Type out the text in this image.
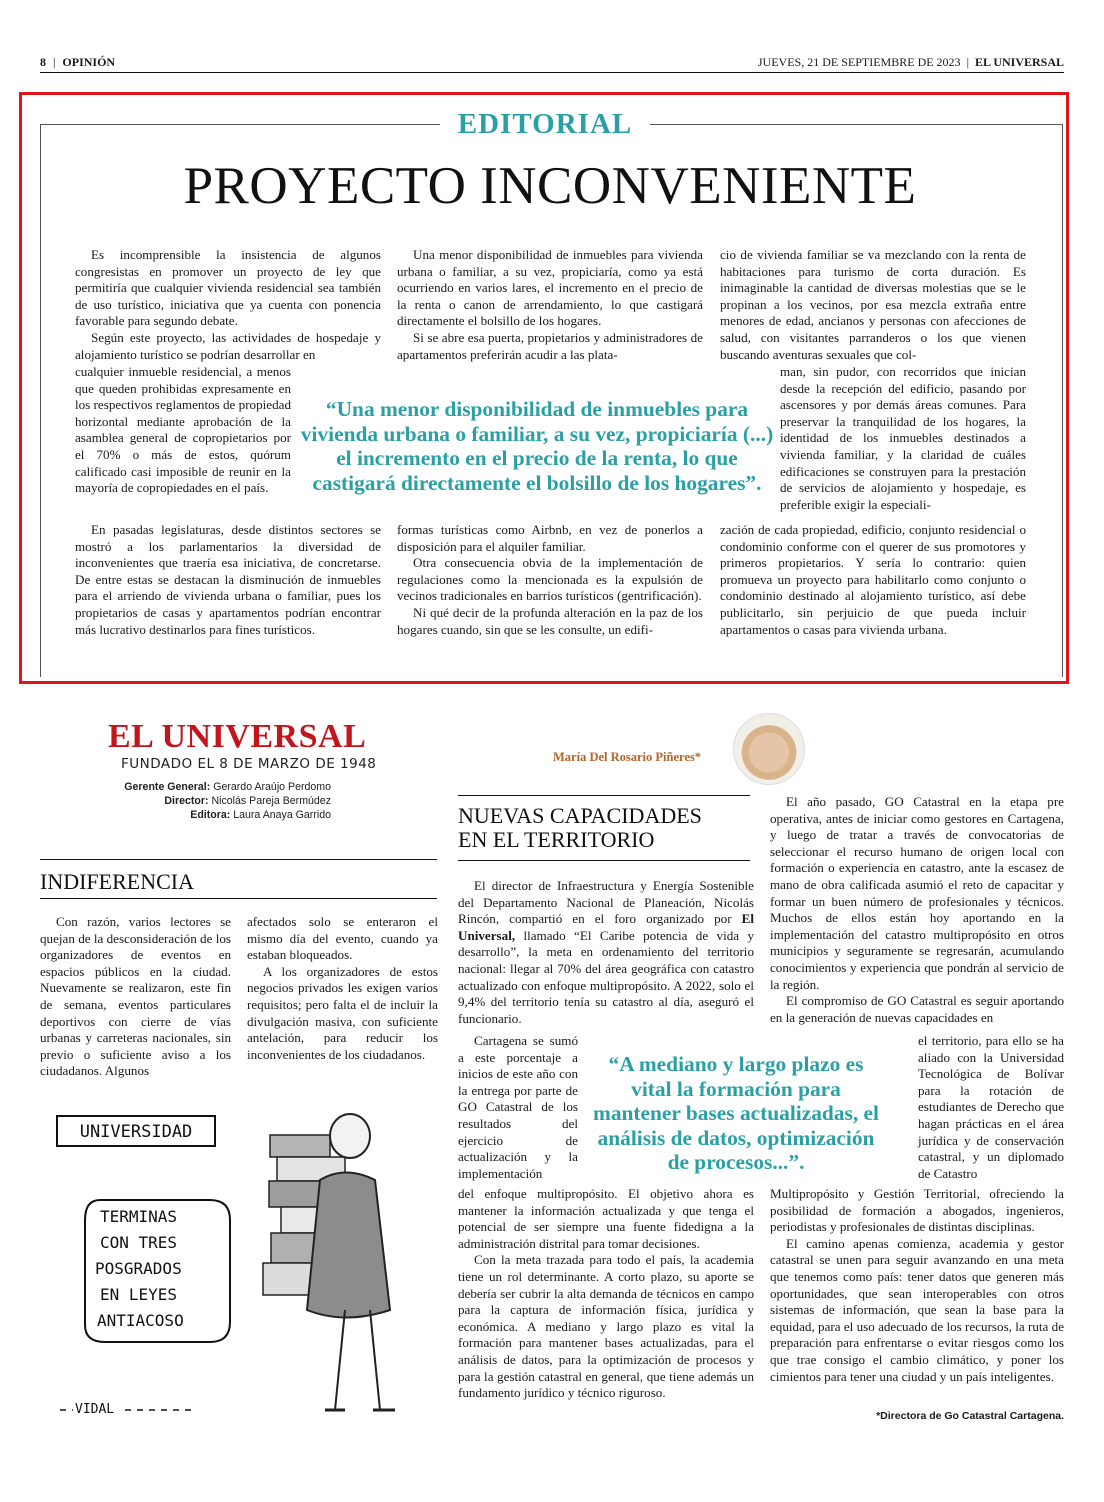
8 | OPINIÓN	JUEVES, 21 DE SEPTIEMBRE DE 2023 | EL UNIVERSAL
EDITORIAL
PROYECTO INCONVENIENTE

Es incomprensible la insistencia de algunos congresistas en promover un proyecto de ley que permitiría que cualquier vivienda residencial sea también de uso turístico, iniciativa que ya cuenta con ponencia favorable para segundo debate.

Según este proyecto, las actividades de hospedaje y alojamiento turístico se podrían desarrollar en

cualquier inmueble residencial, a menos que queden prohibidas expresamente en los respectivos reglamentos de propiedad horizontal mediante aprobación de la asamblea general de copropietarios por el 70% o más de estos, quórum calificado casi imposible de reunir en la mayoría de copropiedades en el país.

En pasadas legislaturas, desde distintos sectores se mostró a los parlamentarios la diversidad de inconvenientes que traería esa iniciativa, de concretarse. De entre estas se destacan la disminución de inmuebles para el arriendo de vivienda urbana o familiar, pues los propietarios de casas y apartamentos podrían encontrar más lucrativo destinarlos para fines turísticos.

Una menor disponibilidad de inmuebles para vivienda urbana o familiar, a su vez, propiciaría, como ya está ocurriendo en varios lares, el incremento en el precio de la renta o canon de arrendamiento, lo que castigará directamente el bolsillo de los hogares.

Si se abre esa puerta, propietarios y administradores de apartamentos preferirán acudir a las plata-

formas turísticas como Airbnb, en vez de ponerlos a disposición para el alquiler familiar.

Otra consecuencia obvia de la implementación de regulaciones como la mencionada es la expulsión de vecinos tradicionales en barrios turísticos (gentrificación).

Ni qué decir de la profunda alteración en la paz de los hogares cuando, sin que se les consulte, un edifi-

cio de vivienda familiar se va mezclando con la renta de habitaciones para turismo de corta duración. Es inimaginable la cantidad de diversas molestias que se le propinan a los vecinos, por esa mezcla extraña entre menores de edad, ancianos y personas con afecciones de salud, con visitantes parranderos o los que vienen buscando aventuras sexuales que col-

man, sin pudor, con recorridos que inician desde la recepción del edificio, pasando por ascensores y por demás áreas comunes. Para preservar la tranquilidad de los hogares, la identidad de los inmuebles destinados a vivienda familiar, y la claridad de cuáles edificaciones se construyen para la prestación de servicios de alojamiento y hospedaje, es preferible exigir la especiali-

zación de cada propiedad, edificio, conjunto residencial o condominio conforme con el querer de sus promotores y primeros propietarios. Y sería lo contrario: quien promueva un proyecto para habilitarlo como conjunto o condominio destinado al alojamiento turístico, así debe publicitarlo, sin perjuicio de que pueda incluir apartamentos o casas para vivienda urbana.

“Una menor disponibilidad de inmuebles para vivienda urbana o familiar, a su vez, propiciaría (...) el incremento en el precio de la renta, lo que castigará directamente el bolsillo de los hogares”.
EL UNIVERSAL
FUNDADO EL 8 DE MARZO DE 1948
Gerente General: Gerardo Araújo Perdomo
Director: Nicolás Pareja Bermúdez
Editora: Laura Anaya Garrido
INDIFERENCIA

Con razón, varios lectores se quejan de la desconsideración de los organizadores de eventos en espacios públicos en la ciudad. Nuevamente se realizaron, este fin de semana, eventos particulares deportivos con cierre de vías urbanas y carreteras nacionales, sin previo o suficiente aviso a los ciudadanos. Algunos

afectados solo se enteraron el mismo día del evento, cuando ya estaban bloqueados.

A los organizadores de estos negocios privados les exigen varios requisitos; pero falta el de incluir la divulgación masiva, con suficiente antelación, para reducir los inconvenientes de los ciudadanos.

UNIVERSIDAD
TERMINAS CON TRES POSGRADOS EN LEYES ANTIACOSO
VIDAL
María Del Rosario Piñeres*
NUEVAS CAPACIDADES
EN EL TERRITORIO

El director de Infraestructura y Energía Sostenible del Departamento Nacional de Planeación, Nicolás Rincón, compartió en el foro organizado por El Universal, llamado “El Caribe potencia de vida y desarrollo”, la meta en ordenamiento del territorio nacional: llegar al 70% del área geográfica con catastro actualizado con enfoque multipropósito. A 2022, solo el 9,4% del territorio tenía su catastro al día, aseguró el funcionario.

Cartagena se sumó a este porcentaje a inicios de este año con la entrega por parte de GO Catastral de los resultados del ejercicio de actualización y la implementación

del enfoque multipropósito. El objetivo ahora es mantener la información actualizada y que tenga el potencial de ser siempre una fuente fidedigna a la administración distrital para tomar decisiones.

Con la meta trazada para todo el país, la academia tiene un rol determinante. A corto plazo, su aporte se debería ser cubrir la alta demanda de técnicos en campo para la captura de información física, jurídica y económica. A mediano y largo plazo es vital la formación para mantener bases actualizadas, para el análisis de datos, para la optimización de procesos y para la gestión catastral en general, que tiene además un fundamento jurídico y técnico riguroso.

El año pasado, GO Catastral en la etapa pre operativa, antes de iniciar como gestores en Cartagena, y luego de tratar a través de convocatorias de seleccionar el recurso humano de origen local con formación o experiencia en catastro, ante la escasez de mano de obra calificada asumió el reto de capacitar y formar un buen número de profesionales y técnicos. Muchos de ellos están hoy aportando en la implementación del catastro multipropósito en otros municipios y seguramente se regresarán, acumulando conocimientos y experiencia que pondrán al servicio de la región.

El compromiso de GO Catastral es seguir aportando en la generación de nuevas capacidades en

el territorio, para ello se ha aliado con la Universidad Tecnológica de Bolívar para la rotación de estudiantes de Derecho que hagan prácticas en el área jurídica y de conservación catastral, y un diplomado de Catastro

Multipropósito y Gestión Territorial, ofreciendo la posibilidad de formación a abogados, ingenieros, periodistas y profesionales de distintas disciplinas.

El camino apenas comienza, academia y gestor catastral se unen para seguir avanzando en una meta que tenemos como país: tener datos que generen más oportunidades, que sean interoperables con otros sistemas de información, que sean la base para la equidad, para el uso adecuado de los recursos, la ruta de preparación para enfrentarse o evitar riesgos como los que trae consigo el cambio climático, y poner los cimientos para tener una ciudad y un país inteligentes.

“A mediano y largo plazo es vital la formación para mantener bases actualizadas, el análisis de datos, optimización de procesos...”.
*Directora de Go Catastral Cartagena.
